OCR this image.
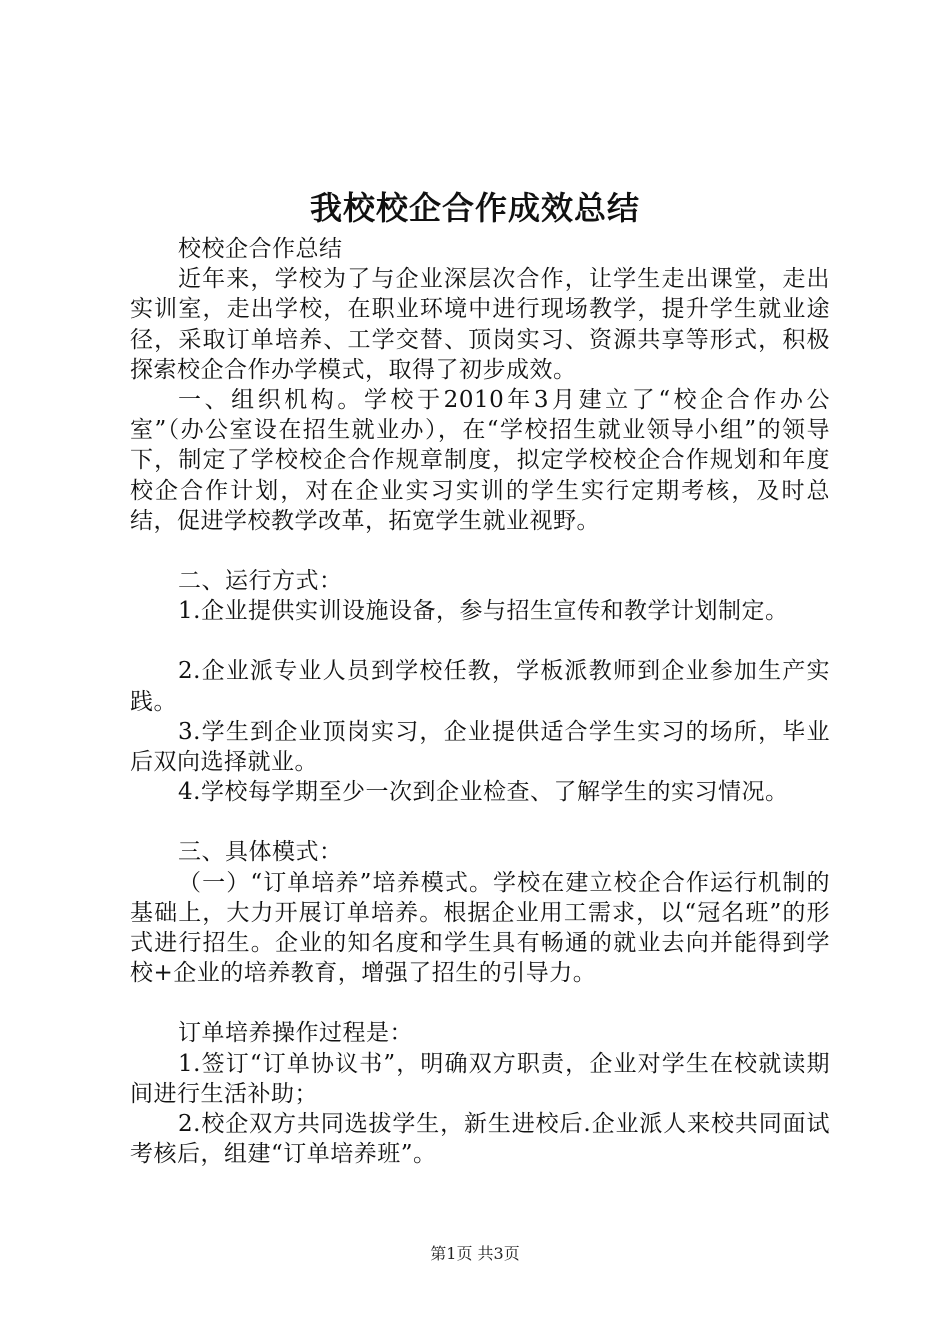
我校校企合作成效总结

校校企合作总结

近年来，学校为了与企业深层次合作，让学生走出课堂，走出实训室，走出学校，在职业环境中进行现场教学，提升学生就业途径，采取订单培养、工学交替、顶岗实习、资源共享等形式，积极探索校企合作办学模式，取得了初步成效。

一、组织机构。学校于2010年3月建立了“校企合作办公室”（办公室设在招生就业办），在“学校招生就业领导小组”的领导下，制定了学校校企合作规章制度，拟定学校校企合作规划和年度校企合作计划，对在企业实习实训的学生实行定期考核，及时总结，促进学校教学改革，拓宽学生就业视野。

二、运行方式：

1.企业提供实训设施设备，参与招生宣传和教学计划制定。

2.企业派专业人员到学校任教，学板派教师到企业参加生产实践。

3.学生到企业顶岗实习，企业提供适合学生实习的场所，毕业后双向选择就业。

4.学校每学期至少一次到企业检查、了解学生的实习情况。

三、具体模式：

（一）“订单培养”培养模式。学校在建立校企合作运行机制的基础上，大力开展订单培养。根据企业用工需求，以“冠名班”的形式进行招生。企业的知名度和学生具有畅通的就业去向并能得到学校+企业的培养教育，增强了招生的引导力。

订单培养操作过程是：

1.签订“订单协议书”，明确双方职责，企业对学生在校就读期间进行生活补助；

2.校企双方共同选拔学生，新生进校后.企业派人来校共同面试考核后，组建“订单培养班”。

第1页 共3页
